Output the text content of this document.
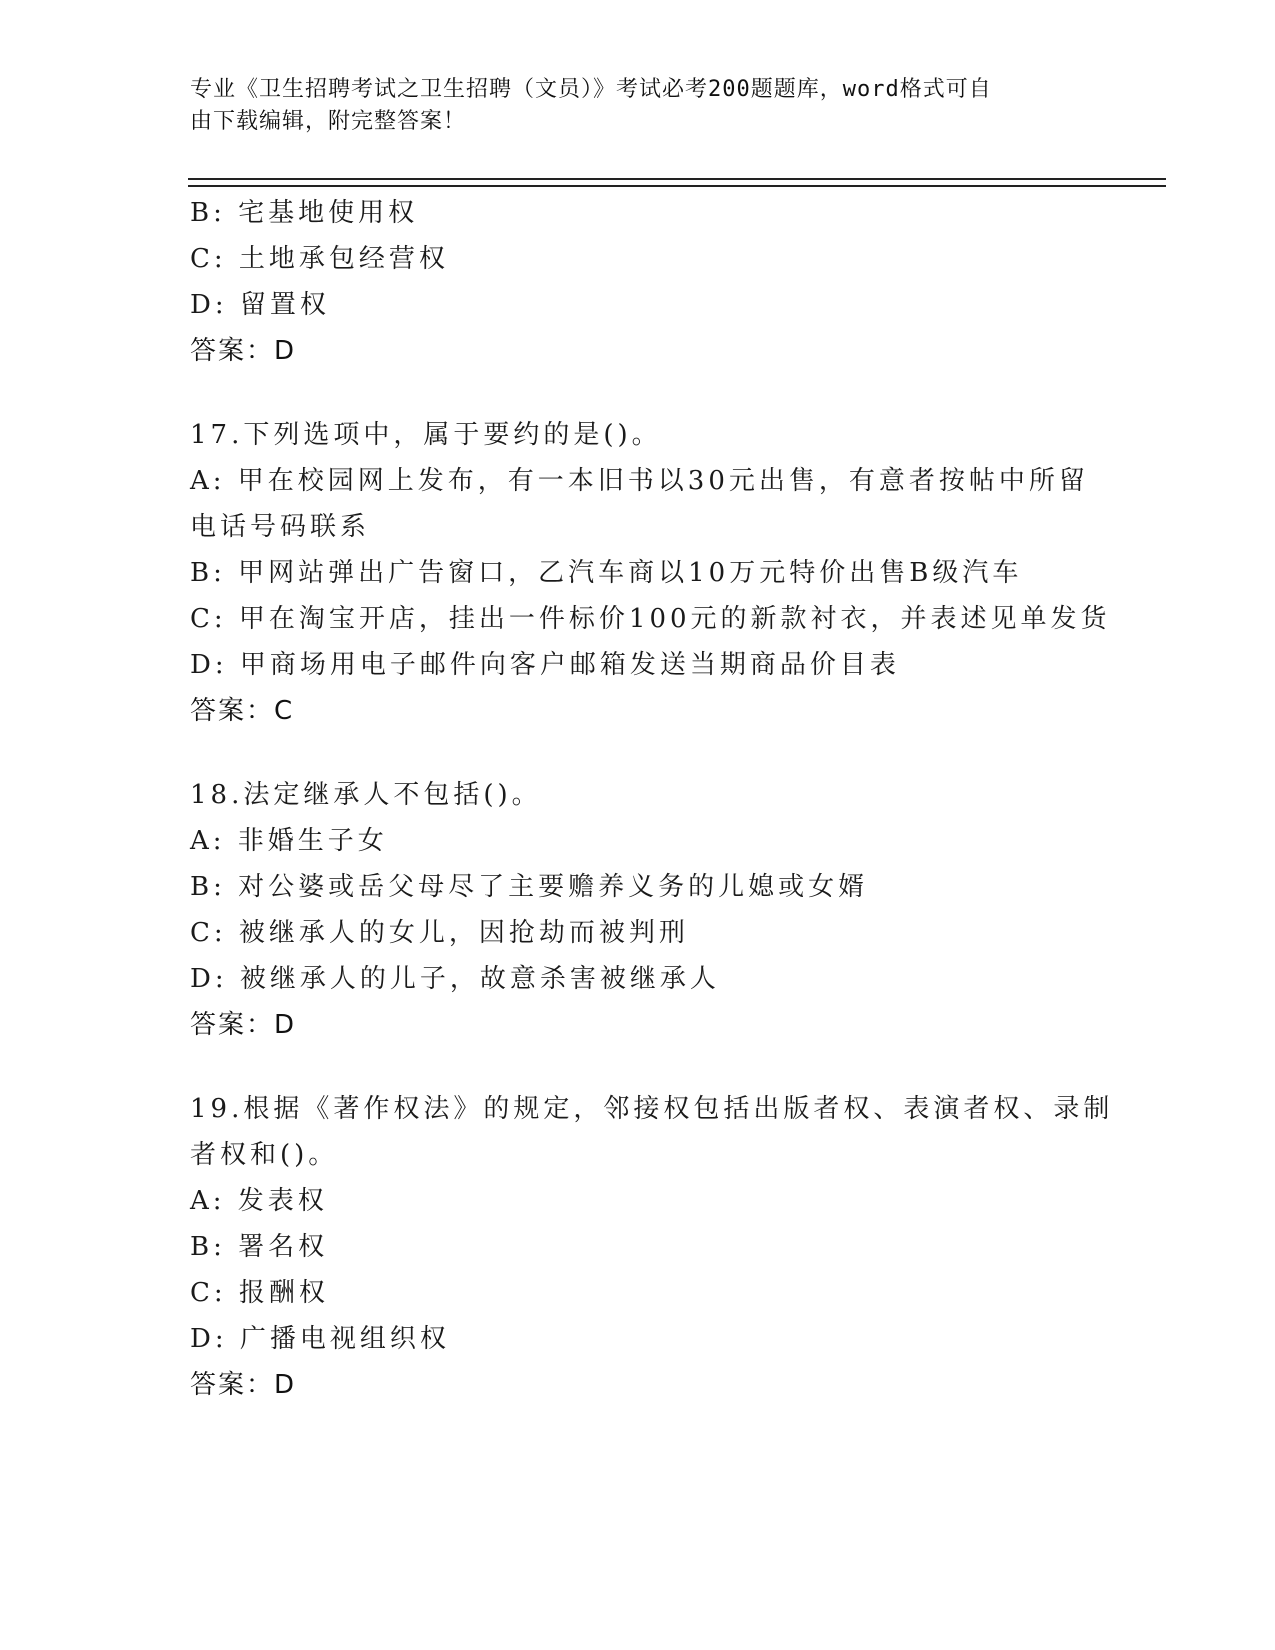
专业《卫生招聘考试之卫生招聘（文员）》考试必考200题题库，word格式可自
由下载编辑，附完整答案！
B: 宅基地使用权
C: 土地承包经营权
D: 留置权
答案：D
17.下列选项中，属于要约的是()。
A: 甲在校园网上发布，有一本旧书以30元出售，有意者按帖中所留
电话号码联系
B: 甲网站弹出广告窗口，乙汽车商以10万元特价出售B级汽车
C: 甲在淘宝开店，挂出一件标价100元的新款衬衣，并表述见单发货
D: 甲商场用电子邮件向客户邮箱发送当期商品价目表
答案：C
18.法定继承人不包括()。
A: 非婚生子女
B: 对公婆或岳父母尽了主要赡养义务的儿媳或女婿
C: 被继承人的女儿，因抢劫而被判刑
D: 被继承人的儿子，故意杀害被继承人
答案：D
19.根据《著作权法》的规定，邻接权包括出版者权、表演者权、录制
者权和()。
A: 发表权
B: 署名权
C: 报酬权
D: 广播电视组织权
答案：D
